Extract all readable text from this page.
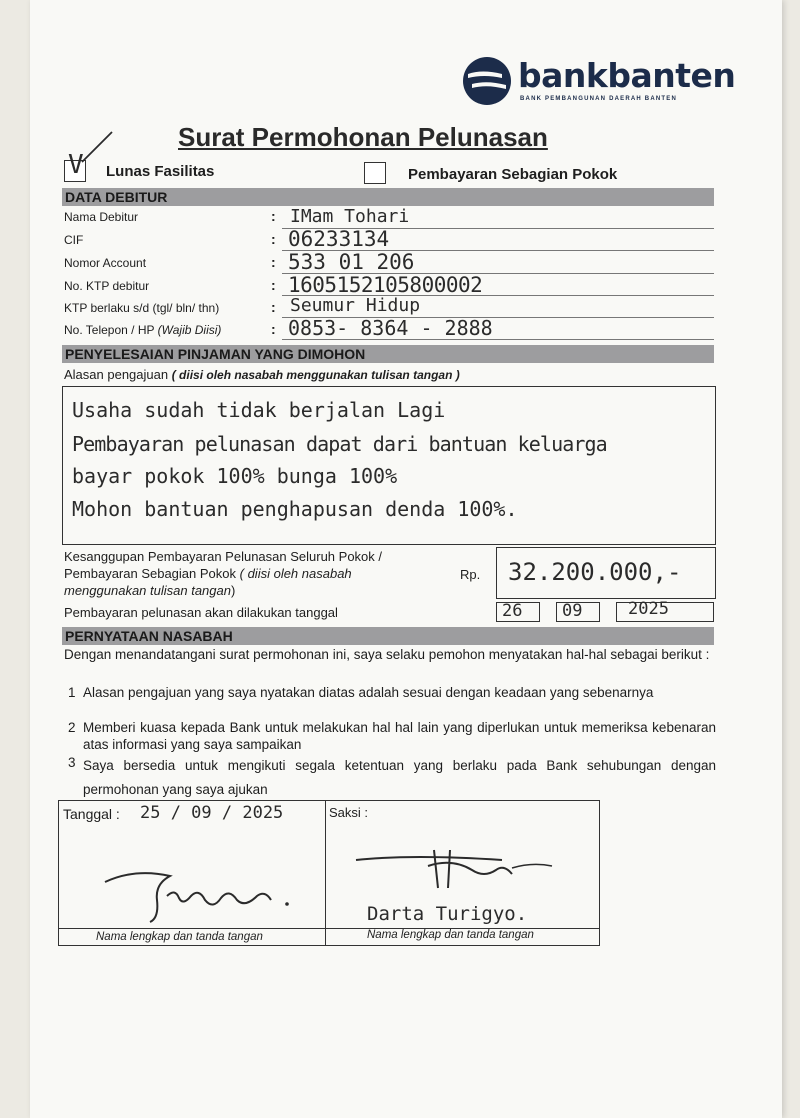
bankbanten
BANK PEMBANGUNAN DAERAH BANTEN
Surat Permohonan Pelunasan
V Lunas Fasilitas	Pembayaran Sebagian Pokok
DATA DEBITUR
Nama Debitur	: IMam Tohari
CIF	: 06233134
Nomor Account	: 533 01 206
No. KTP debitur	: 1605152105800002
KTP berlaku s/d (tgl/ bln/ thn)	: Seumur Hidup
No. Telepon / HP (Wajib Diisi)	: 0853- 8364 - 2888
PENYELESAIAN PINJAMAN YANG DIMOHON
Alasan pengajuan ( diisi oleh nasabah menggunakan tulisan tangan )
Usaha sudah tidak berjalan Lagi
Pembayaran pelunasan dapat dari bantuan keluarga
bayar pokok 100% bunga 100%
Mohon bantuan penghapusan denda 100%.
Kesanggupan Pembayaran Pelunasan Seluruh Pokok /
Pembayaran Sebagian Pokok ( diisi oleh nasabah
menggunakan tulisan tangan)
Rp. 32.200.000,-
Pembayaran pelunasan akan dilakukan tanggal	26 09	2025
PERNYATAAN NASABAH
Dengan menandatangani surat permohonan ini, saya selaku pemohon menyatakan hal-hal sebagai berikut :
1 Alasan pengajuan yang saya nyatakan diatas adalah sesuai dengan keadaan yang sebenarnya
2 Memberi kuasa kepada Bank untuk melakukan hal hal lain yang diperlukan untuk memeriksa kebenaran atas informasi yang saya sampaikan
3 Saya bersedia untuk mengikuti segala ketentuan yang berlaku pada Bank sehubungan dengan permohonan yang saya ajukan
Tanggal : 25 / 09 / 2025	Saksi :
Darta Turigyo.
Nama lengkap dan tanda tangan	Nama lengkap dan tanda tangan
